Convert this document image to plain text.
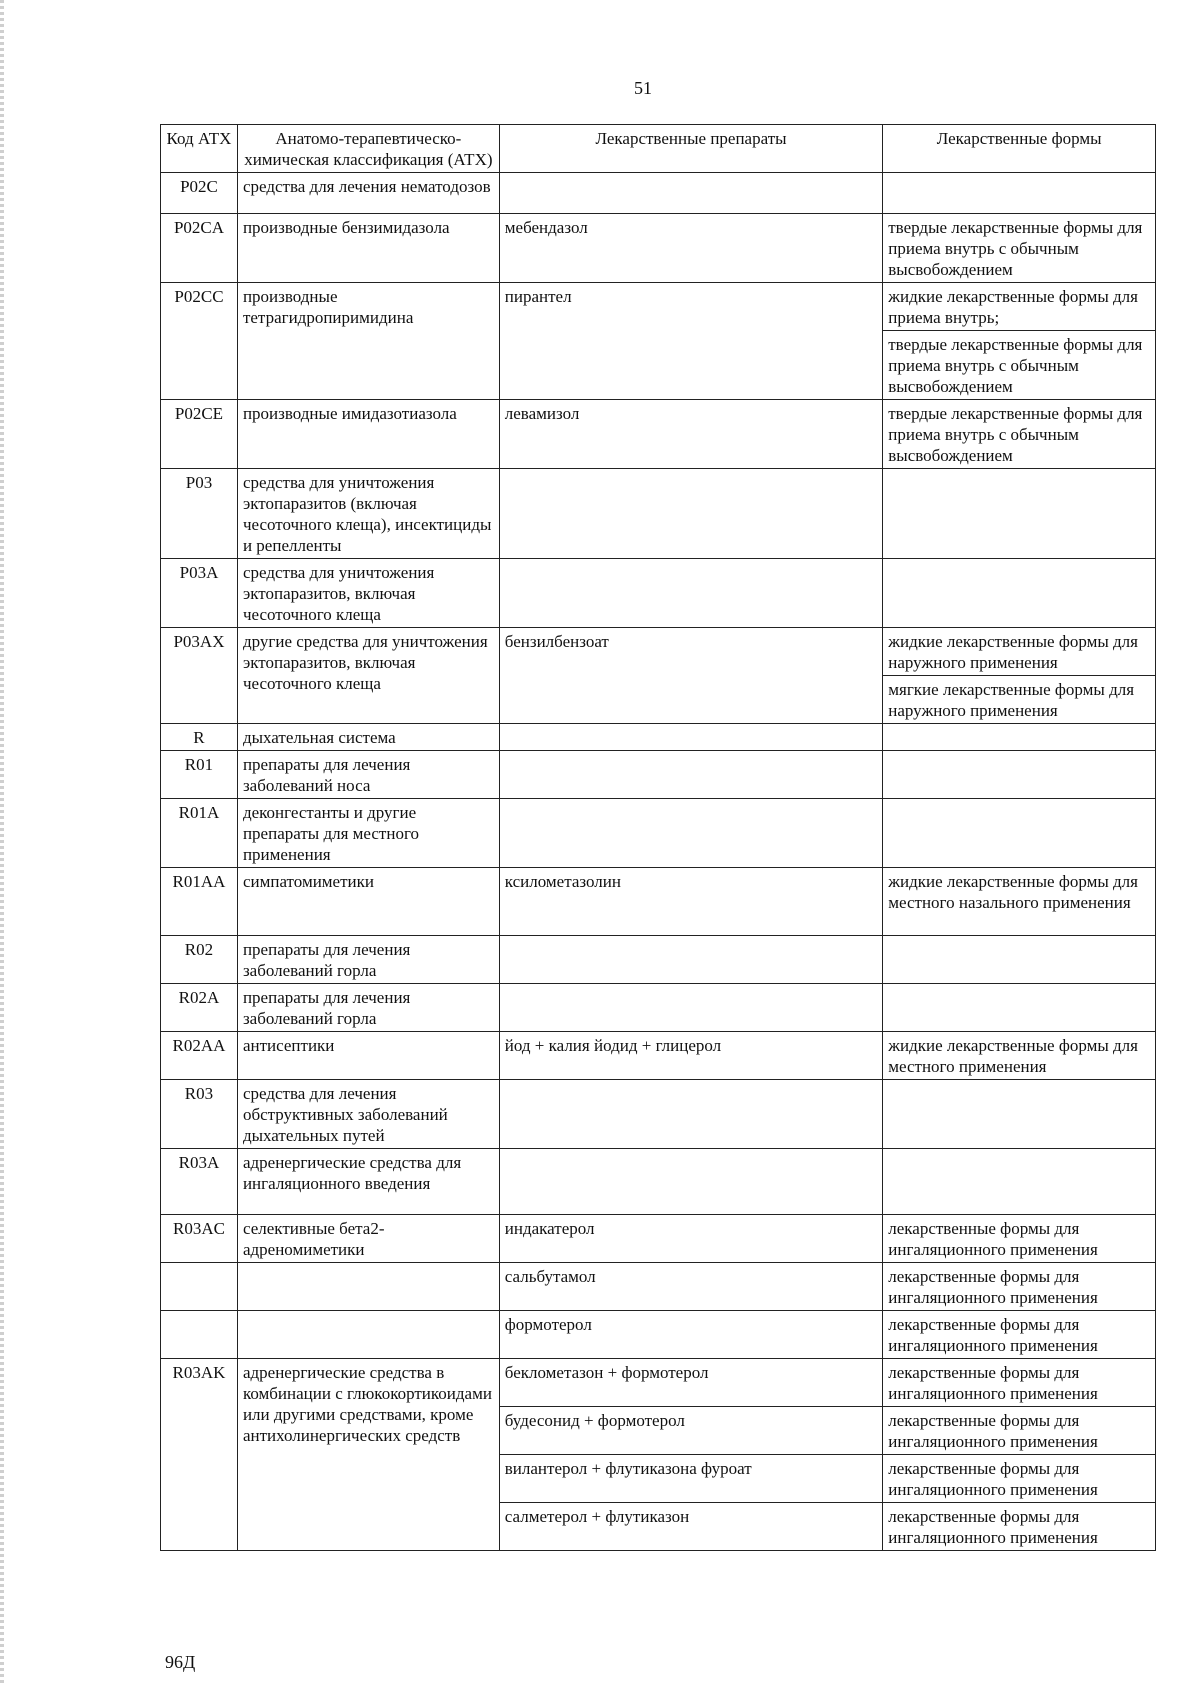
51
Код АТХ	Анатомо-терапевтическо-химическая классификация (АТХ)	Лекарственные препараты	Лекарственные формы
P02C	средства для лечения нематодозов		
P02CA	производные бензимидазола	мебендазол	твердые лекарственные формы для приема внутрь с обычным высвобождением
P02CC	производные тетрагидропиримидина	пирантел	жидкие лекарственные формы для приема внутрь;
			твердые лекарственные формы для приема внутрь с обычным высвобождением
P02CE	производные имидазотиазола	левамизол	твердые лекарственные формы для приема внутрь с обычным высвобождением
P03	средства для уничтожения эктопаразитов (включая чесоточного клеща), инсектициды и репелленты		
P03A	средства для уничтожения эктопаразитов, включая чесоточного клеща		
P03AX	другие средства для уничтожения эктопаразитов, включая чесоточного клеща	бензилбензоат	жидкие лекарственные формы для наружного применения
			мягкие лекарственные формы для наружного применения
R	дыхательная система		
R01	препараты для лечения заболеваний носа		
R01A	деконгестанты и другие препараты для местного применения		
R01AA	симпатомиметики	ксилометазолин	жидкие лекарственные формы для местного назального применения
R02	препараты для лечения заболеваний горла		
R02A	препараты для лечения заболеваний горла		
R02AA	антисептики	йод + калия йодид + глицерол	жидкие лекарственные формы для местного применения
R03	средства для лечения обструктивных заболеваний дыхательных путей		
R03A	адренергические средства для ингаляционного введения		
R03AC	селективные бета2-адреномиметики	индакатерол	лекарственные формы для ингаляционного применения
		сальбутамол	лекарственные формы для ингаляционного применения
		формотерол	лекарственные формы для ингаляционного применения
R03AK	адренергические средства в комбинации с глюкокортикоидами или другими средствами, кроме антихолинергических средств	беклометазон + формотерол	лекарственные формы для ингаляционного применения
		будесонид + формотерол	лекарственные формы для ингаляционного применения
		вилантерол + флутиказона фуроат	лекарственные формы для ингаляционного применения
		салметерол + флутиказон	лекарственные формы для ингаляционного применения
96Д
